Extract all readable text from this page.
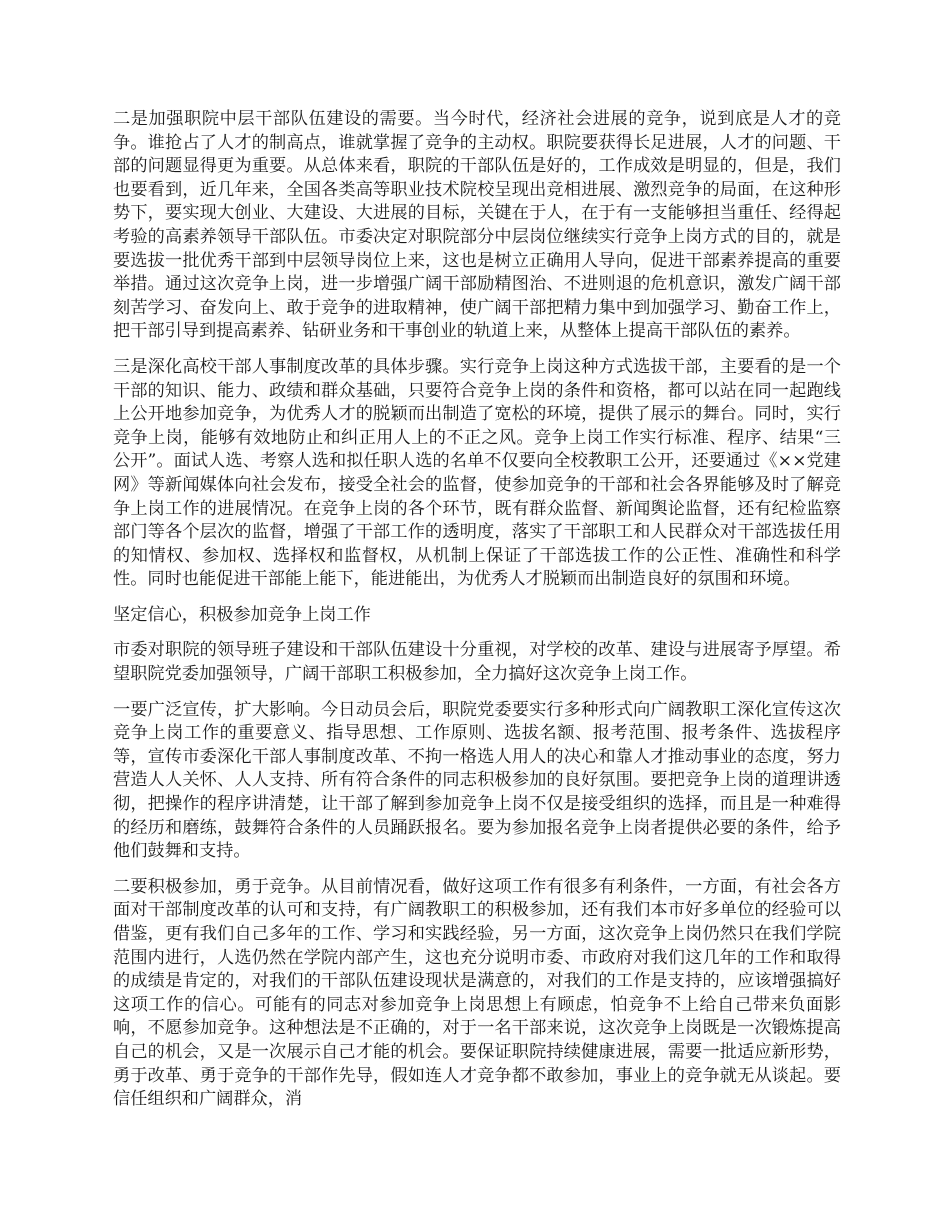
二是加强职院中层干部队伍建设的需要。当今时代，经济社会进展的竞争，说到底是人才的竞争。谁抢占了人才的制高点，谁就掌握了竞争的主动权。职院要获得长足进展，人才的问题、干部的问题显得更为重要。从总体来看，职院的干部队伍是好的，工作成效是明显的，但是，我们也要看到，近几年来，全国各类高等职业技术院校呈现出竞相进展、激烈竞争的局面，在这种形势下，要实现大创业、大建设、大进展的目标，关键在于人，在于有一支能够担当重任、经得起考验的高素养领导干部队伍。市委决定对职院部分中层岗位继续实行竞争上岗方式的目的，就是要选拔一批优秀干部到中层领导岗位上来，这也是树立正确用人导向，促进干部素养提高的重要举措。通过这次竞争上岗，进一步增强广阔干部励精图治、不进则退的危机意识，激发广阔干部刻苦学习、奋发向上、敢于竞争的进取精神，使广阔干部把精力集中到加强学习、勤奋工作上，把干部引导到提高素养、钻研业务和干事创业的轨道上来，从整体上提高干部队伍的素养。

三是深化高校干部人事制度改革的具体步骤。实行竞争上岗这种方式选拔干部，主要看的是一个干部的知识、能力、政绩和群众基础，只要符合竞争上岗的条件和资格，都可以站在同一起跑线上公开地参加竞争，为优秀人才的脱颖而出制造了宽松的环境，提供了展示的舞台。同时，实行竞争上岗，能够有效地防止和纠正用人上的不正之风。竞争上岗工作实行标准、程序、结果“三公开”。面试人选、考察人选和拟任职人选的名单不仅要向全校教职工公开，还要通过《××党建网》等新闻媒体向社会发布，接受全社会的监督，使参加竞争的干部和社会各界能够及时了解竞争上岗工作的进展情况。在竞争上岗的各个环节，既有群众监督、新闻舆论监督，还有纪检监察部门等各个层次的监督，增强了干部工作的透明度，落实了干部职工和人民群众对干部选拔任用的知情权、参加权、选择权和监督权，从机制上保证了干部选拔工作的公正性、准确性和科学性。同时也能促进干部能上能下，能进能出，为优秀人才脱颖而出制造良好的氛围和环境。

坚定信心，积极参加竞争上岗工作

市委对职院的领导班子建设和干部队伍建设十分重视，对学校的改革、建设与进展寄予厚望。希望职院党委加强领导，广阔干部职工积极参加，全力搞好这次竞争上岗工作。

一要广泛宣传，扩大影响。今日动员会后，职院党委要实行多种形式向广阔教职工深化宣传这次竞争上岗工作的重要意义、指导思想、工作原则、选拔名额、报考范围、报考条件、选拔程序等，宣传市委深化干部人事制度改革、不拘一格选人用人的决心和靠人才推动事业的态度，努力营造人人关怀、人人支持、所有符合条件的同志积极参加的良好氛围。要把竞争上岗的道理讲透彻，把操作的程序讲清楚，让干部了解到参加竞争上岗不仅是接受组织的选择，而且是一种难得的经历和磨练，鼓舞符合条件的人员踊跃报名。要为参加报名竞争上岗者提供必要的条件，给予他们鼓舞和支持。

二要积极参加，勇于竞争。从目前情况看，做好这项工作有很多有利条件，一方面，有社会各方面对干部制度改革的认可和支持，有广阔教职工的积极参加，还有我们本市好多单位的经验可以借鉴，更有我们自己多年的工作、学习和实践经验，另一方面，这次竞争上岗仍然只在我们学院范围内进行，人选仍然在学院内部产生，这也充分说明市委、市政府对我们这几年的工作和取得的成绩是肯定的，对我们的干部队伍建设现状是满意的，对我们的工作是支持的，应该增强搞好这项工作的信心。可能有的同志对参加竞争上岗思想上有顾虑，怕竞争不上给自己带来负面影响，不愿参加竞争。这种想法是不正确的，对于一名干部来说，这次竞争上岗既是一次锻炼提高自己的机会，又是一次展示自己才能的机会。要保证职院持续健康进展，需要一批适应新形势，勇于改革、勇于竞争的干部作先导，假如连人才竞争都不敢参加，事业上的竞争就无从谈起。要信任组织和广阔群众，消
